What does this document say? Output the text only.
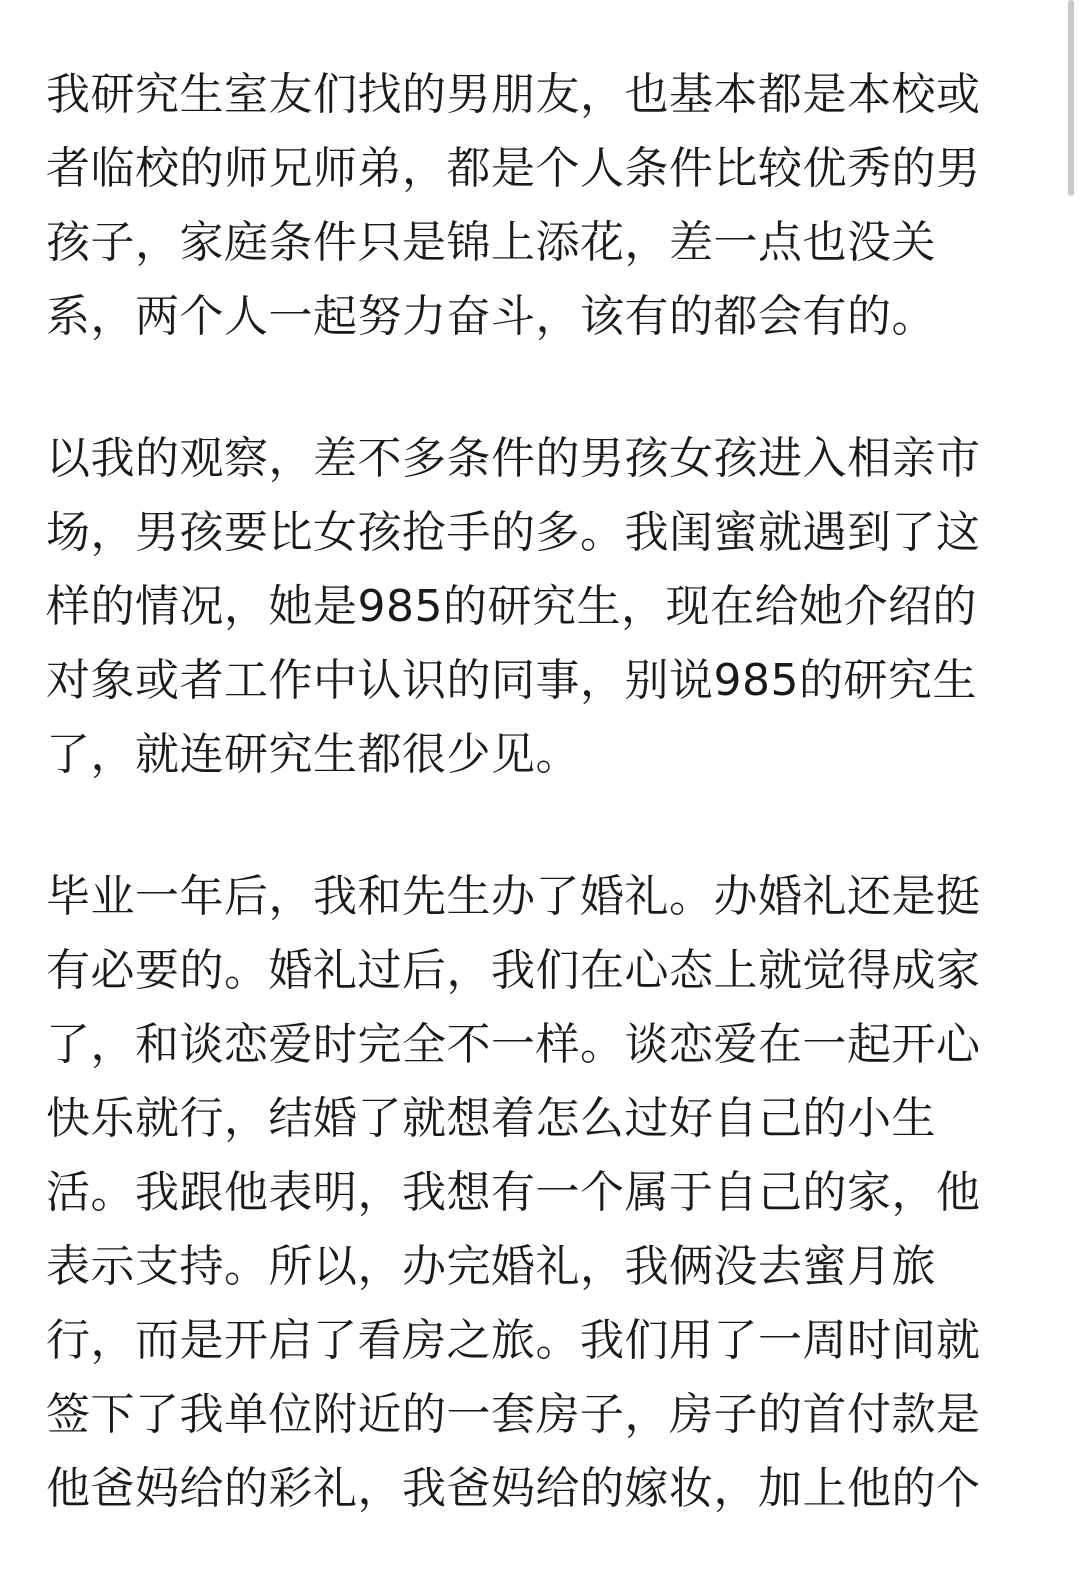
我研究生室友们找的男朋友，也基本都是本校或
者临校的师兄师弟，都是个人条件比较优秀的男
孩子，家庭条件只是锦上添花，差一点也没关
系，两个人一起努力奋斗，该有的都会有的。

以我的观察，差不多条件的男孩女孩进入相亲市
场，男孩要比女孩抢手的多。我闺蜜就遇到了这
样的情况，她是985的研究生，现在给她介绍的
对象或者工作中认识的同事，别说985的研究生
了，就连研究生都很少见。

毕业一年后，我和先生办了婚礼。办婚礼还是挺
有必要的。婚礼过后，我们在心态上就觉得成家
了，和谈恋爱时完全不一样。谈恋爱在一起开心
快乐就行，结婚了就想着怎么过好自己的小生
活。我跟他表明，我想有一个属于自己的家，他
表示支持。所以，办完婚礼，我俩没去蜜月旅
行，而是开启了看房之旅。我们用了一周时间就
签下了我单位附近的一套房子，房子的首付款是
他爸妈给的彩礼，我爸妈给的嫁妆，加上他的个
